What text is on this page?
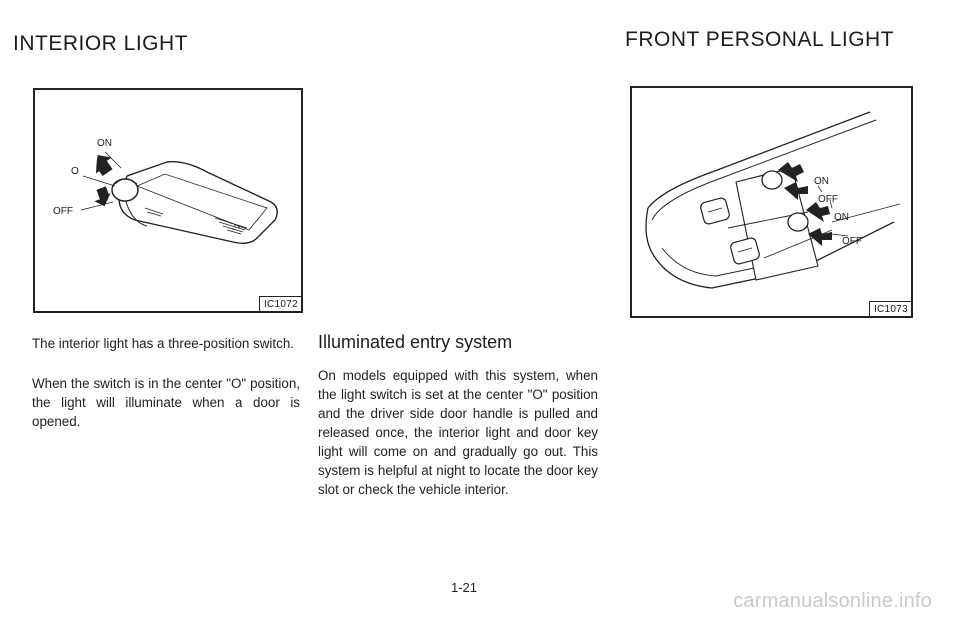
INTERIOR LIGHT	FRONT PERSONAL LIGHT
ON
O
OFF
IC1072
ON
OFF
ON
OFF
IC1073

The interior light has a three-position switch.

When the switch is in the center "O" position, the light will illuminate when a door is opened.

Illuminated entry system

On models equipped with this system, when the light switch is set at the center "O" position and the driver side door handle is pulled and released once, the interior light and door key light will come on and gradually go out. This system is helpful at night to locate the door key slot or check the vehicle interior.

1-21
carmanualsonline.info
